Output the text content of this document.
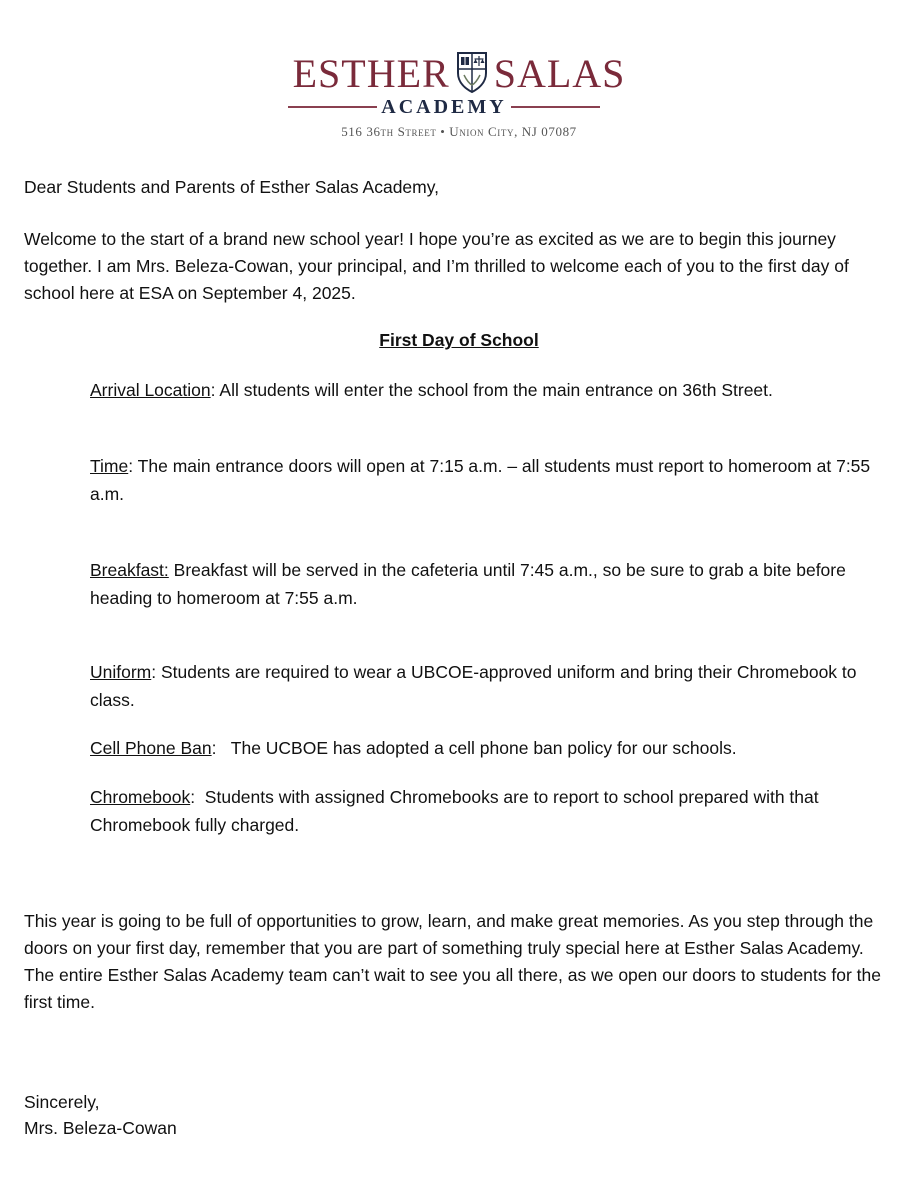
ESTHER SALAS
ACADEMY
516 36th Street • Union City, NJ 07087

Dear Students and Parents of Esther Salas Academy,

Welcome to the start of a brand new school year! I hope you’re as excited as we are to begin this journey together. I am Mrs. Beleza-Cowan, your principal, and I’m thrilled to welcome each of you to the first day of school here at ESA on September 4, 2025.

First Day of School

Arrival Location: All students will enter the school from the main entrance on 36th Street.

Time: The main entrance doors will open at 7:15 a.m. – all students must report to homeroom at 7:55 a.m.

Breakfast: Breakfast will be served in the cafeteria until 7:45 a.m., so be sure to grab a bite before heading to homeroom at 7:55 a.m.

Uniform: Students are required to wear a UBCOE-approved uniform and bring their Chromebook to class.

Cell Phone Ban:   The UCBOE has adopted a cell phone ban policy for our schools.

Chromebook:  Students with assigned Chromebooks are to report to school prepared with that Chromebook fully charged.

This year is going to be full of opportunities to grow, learn, and make great memories. As you step through the doors on your first day, remember that you are part of something truly special here at Esther Salas Academy. The entire Esther Salas Academy team can’t wait to see you all there, as we open our doors to students for the first time.

Sincerely,

Mrs. Beleza-Cowan
